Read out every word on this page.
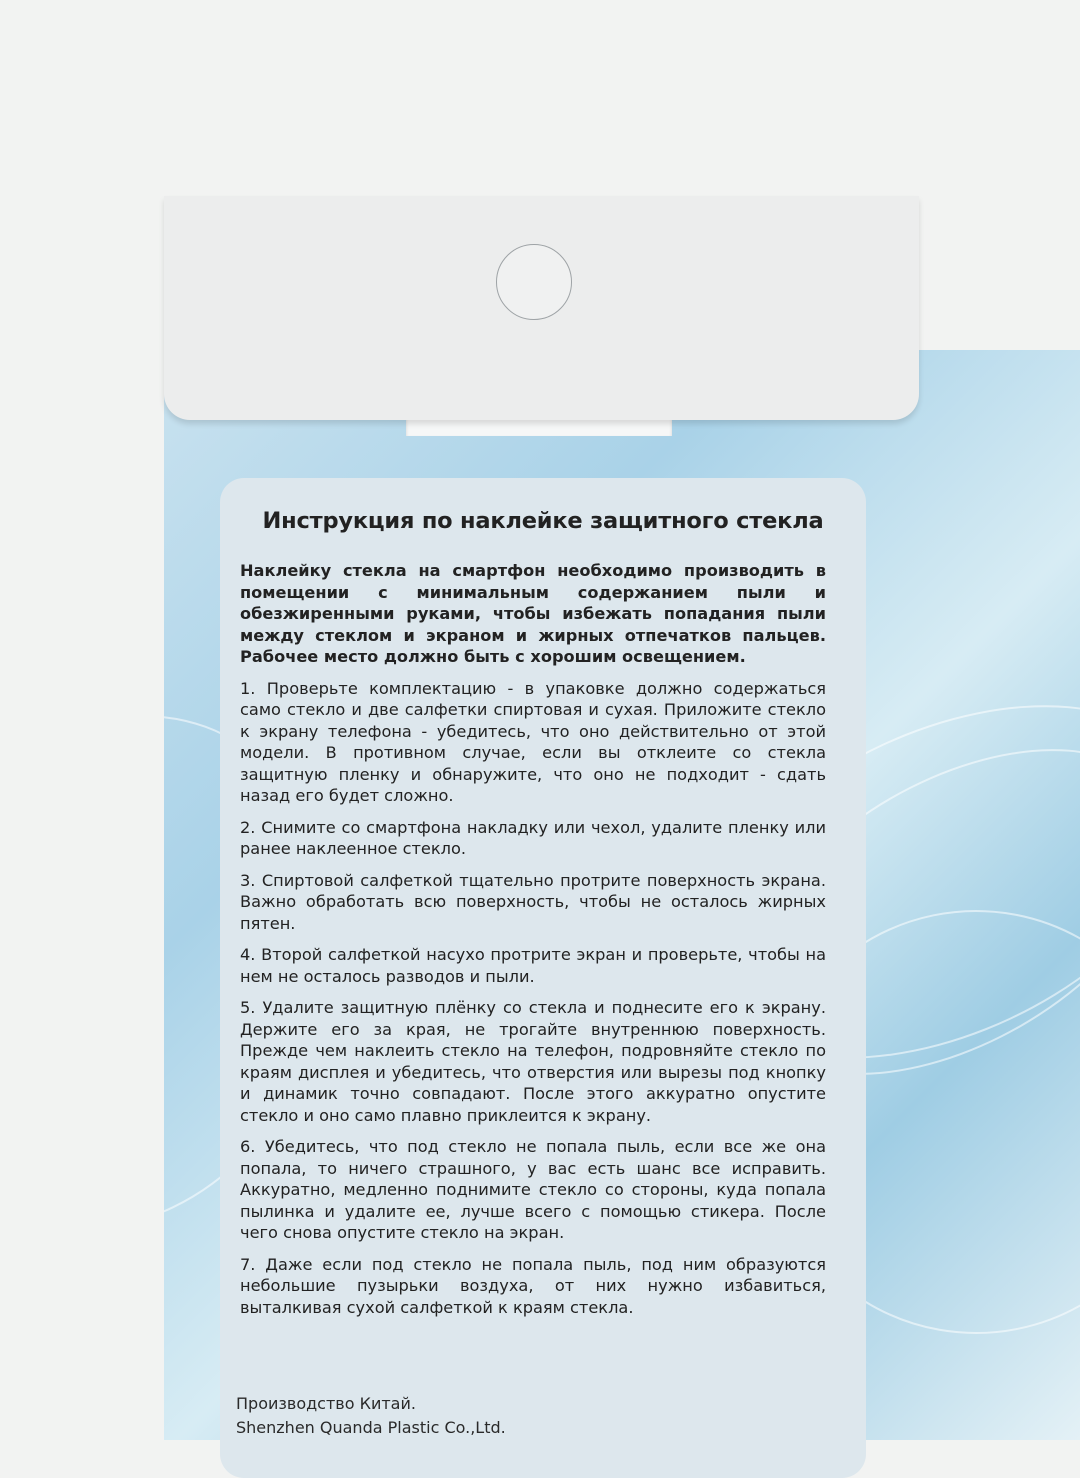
Инструкция по наклейке защитного стекла
Наклейку стекла на смартфон необходимо производить в помещении с минимальным содержанием пыли и обезжиренными руками, чтобы избежать попадания пыли между стеклом и экраном и жирных отпечатков пальцев. Рабочее место должно быть с хорошим освещением.
1. Проверьте комплектацию - в упаковке должно содержаться само стекло и две салфетки спиртовая и сухая. Приложите стекло к экрану телефона - убедитесь, что оно действительно от этой модели. В противном случае, если вы отклеите со стекла защитную пленку и обнаружите, что оно не подходит - сдать назад его будет сложно.
2. Снимите со смартфона накладку или чехол, удалите пленку или ранее наклеенное стекло.
3. Спиртовой салфеткой тщательно протрите поверхность экрана. Важно обработать всю поверхность, чтобы не осталось жирных пятен.
4. Второй салфеткой насухо протрите экран и проверьте, чтобы на нем не осталось разводов и пыли.
5. Удалите защитную плёнку со стекла и поднесите его к экрану. Держите его за края, не трогайте внутреннюю поверхность. Прежде чем наклеить стекло на телефон, подровняйте стекло по краям дисплея и убедитесь, что отверстия или вырезы под кнопку и динамик точно совпадают. После этого аккуратно опустите стекло и оно само плавно приклеится к экрану.
6. Убедитесь, что под стекло не попала пыль, если все же она попала, то ничего страшного, у вас есть шанс все исправить. Аккуратно, медленно поднимите стекло со стороны, куда попала пылинка и удалите ее, лучше всего с помощью стикера. После чего снова опустите стекло на экран.
7. Даже если под стекло не попала пыль, под ним образуются небольшие пузырьки воздуха, от них нужно избавиться, выталкивая сухой салфеткой к краям стекла.
Производство Китай.
Shenzhen Quanda Plastic Co.,Ltd.
